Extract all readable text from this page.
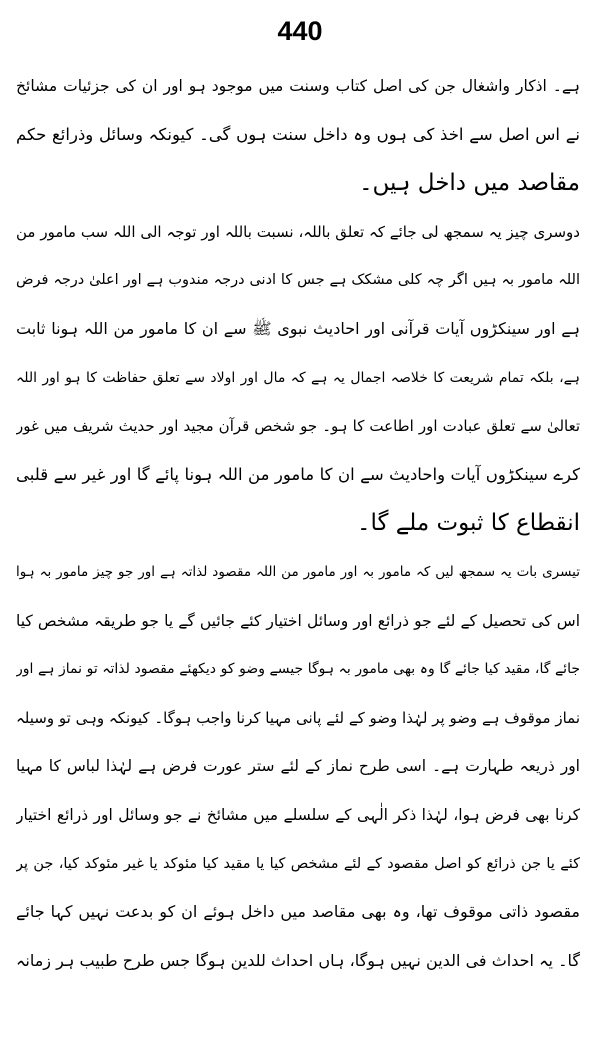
440
ہے۔ اذکار واشغال جن کی اصل کتاب وسنت میں موجود ہو اور ان کی جزئیات مشائخ
نے اس اصل سے اخذ کی ہوں وہ داخل سنت ہوں گی۔ کیونکہ وسائل وذرائع حکم
مقاصد میں داخل ہیں۔
دوسری چیز یہ سمجھ لی جائے کہ تعلق باللہ، نسبت باللہ اور توجہ الی اللہ سب مامور من
اللہ مامور بہ ہیں اگر چہ کلی مشکک ہے جس کا ادنی درجہ مندوب ہے اور اعلیٰ درجہ فرض
ہے اور سینکڑوں آیات قرآنی اور احادیث نبوی ﷺ سے ان کا مامور من اللہ ہونا ثابت
ہے، بلکہ تمام شریعت کا خلاصہ اجمال یہ ہے کہ مال اور اولاد سے تعلق حفاظت کا ہو اور اللہ
تعالیٰ سے تعلق عبادت اور اطاعت کا ہو۔ جو شخص قرآن مجید اور حدیث شریف میں غور
کرے سینکڑوں آیات واحادیث سے ان کا مامور من اللہ ہونا پائے گا اور غیر سے قلبی
انقطاع کا ثبوت ملے گا۔
تیسری بات یہ سمجھ لیں کہ مامور بہ اور مامور من اللہ مقصود لذاتہ ہے اور جو چیز مامور بہ ہوا
اس کی تحصیل کے لئے جو ذرائع اور وسائل اختیار کئے جائیں گے یا جو طریقہ مشخص کیا
جائے گا، مقید کیا جائے گا وہ بھی مامور بہ ہوگا جیسے وضو کو دیکھئے مقصود لذاتہ تو نماز ہے اور
نماز موقوف ہے وضو پر لہٰذا وضو کے لئے پانی مہیا کرنا واجب ہوگا۔ کیونکہ وہی تو وسیلہ
اور ذریعہ طہارت ہے۔ اسی طرح نماز کے لئے ستر عورت فرض ہے لہٰذا لباس کا مہیا
کرنا بھی فرض ہوا، لہٰذا ذکر الٰہی کے سلسلے میں مشائخ نے جو وسائل اور ذرائع اختیار
کئے یا جن ذرائع کو اصل مقصود کے لئے مشخص کیا یا مقید کیا مئوکد یا غیر مئوکد کیا، جن پر
مقصود ذاتی موقوف تھا، وہ بھی مقاصد میں داخل ہوئے ان کو بدعت نہیں کہا جائے
گا۔ یہ احداث فی الدین نہیں ہوگا، ہاں احداث للدین ہوگا جس طرح طبیب ہر زمانہ
